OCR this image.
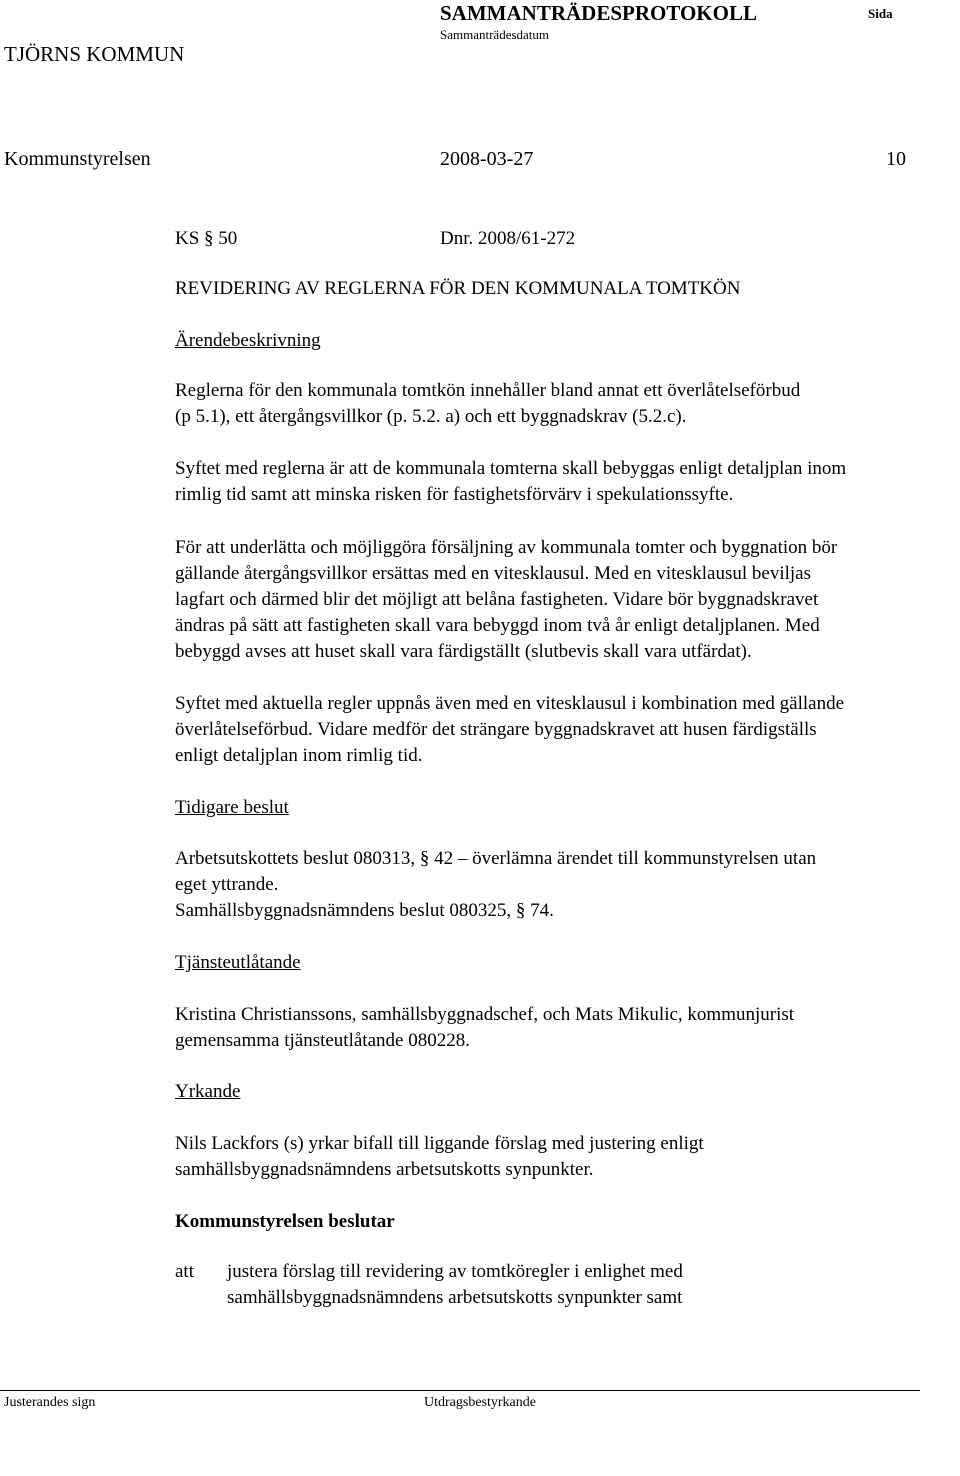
TJÖRNS KOMMUN
SAMMANTRÄDESPROTOKOLL
Sammanträdesdatum
Sida
Kommunstyrelsen	2008-03-27	10
KS § 50	Dnr. 2008/61-272
REVIDERING AV REGLERNA FÖR DEN KOMMUNALA TOMTKÖN
Ärendebeskrivning
Reglerna för den kommunala tomtkön innehåller bland annat ett överlåtelseförbud
(p 5.1), ett återgångsvillkor (p. 5.2. a) och ett byggnadskrav (5.2.c).
Syftet med reglerna är att de kommunala tomterna skall bebyggas enligt detaljplan inom
rimlig tid samt att minska risken för fastighetsförvärv i spekulationssyfte.
För att underlätta och möjliggöra försäljning av kommunala tomter och byggnation bör
gällande återgångsvillkor ersättas med en vitesklausul. Med en vitesklausul beviljas
lagfart och därmed blir det möjligt att belåna fastigheten. Vidare bör byggnadskravet
ändras på sätt att fastigheten skall vara bebyggd inom två år enligt detaljplanen. Med
bebyggd avses att huset skall vara färdigställt (slutbevis skall vara utfärdat).
Syftet med aktuella regler uppnås även med en vitesklausul i kombination med gällande
överlåtelseförbud. Vidare medför det strängare byggnadskravet att husen färdigställs
enligt detaljplan inom rimlig tid.
Tidigare beslut
Arbetsutskottets beslut 080313, § 42 – överlämna ärendet till kommunstyrelsen utan
eget yttrande.
Samhällsbyggnadsnämndens beslut 080325, § 74.
Tjänsteutlåtande
Kristina Christianssons, samhällsbyggnadschef, och Mats Mikulic, kommunjurist
gemensamma tjänsteutlåtande 080228.
Yrkande
Nils Lackfors (s) yrkar bifall till liggande förslag med justering enligt
samhällsbyggnadsnämndens arbetsutskotts synpunkter.
Kommunstyrelsen beslutar
att justera förslag till revidering av tomtköregler i enlighet med
samhällsbyggnadsnämndens arbetsutskotts synpunkter samt
Justerandes sign	Utdragsbestyrkande
